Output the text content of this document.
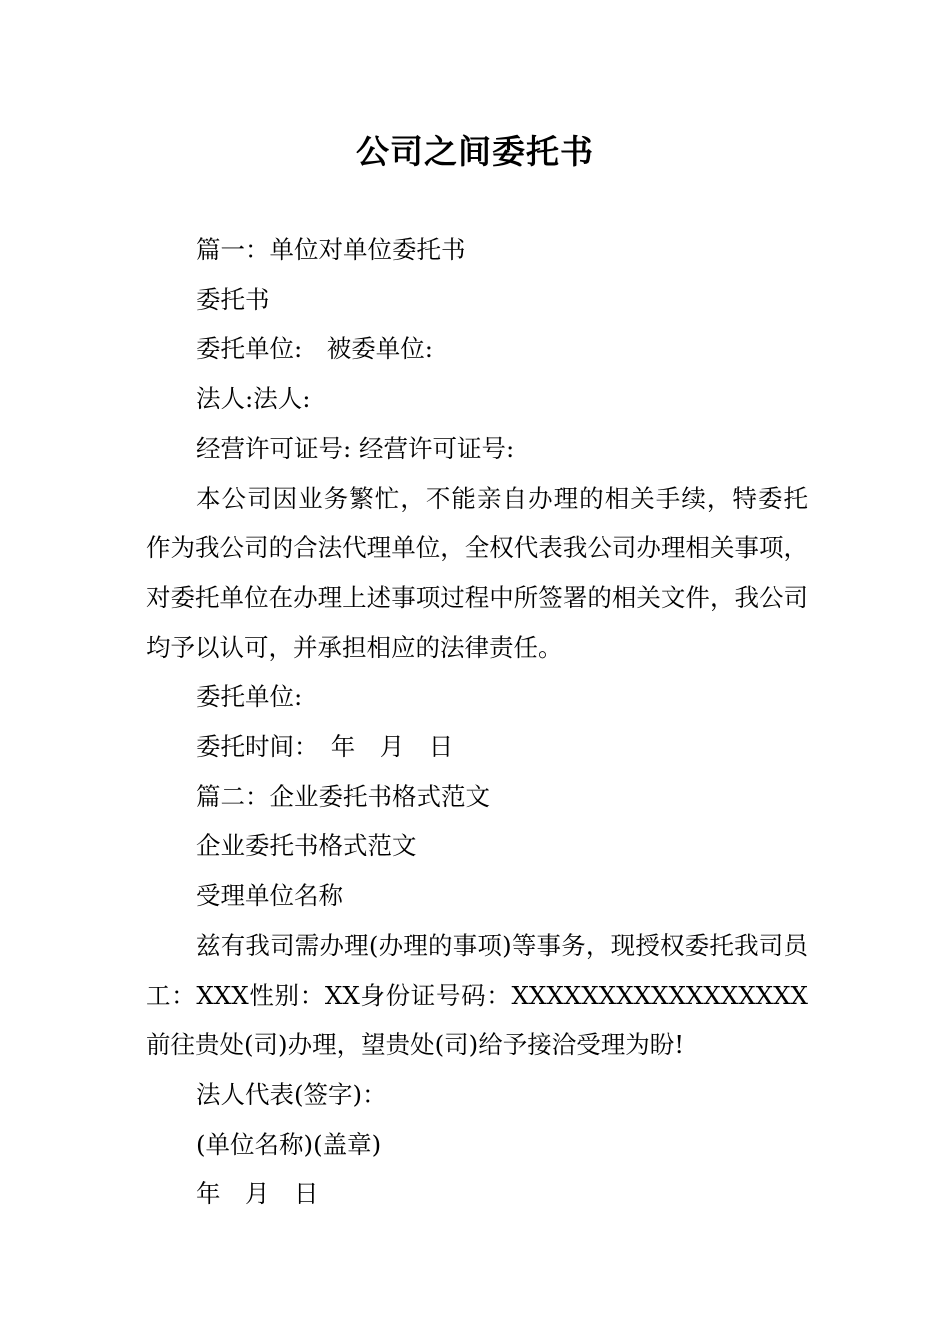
公司之间委托书

篇一：单位对单位委托书

委托书

委托单位:　被委单位:

法人:法人:

经营许可证号: 经营许可证号:

本公司因业务繁忙，不能亲自办理的相关手续，特委托作为我公司的合法代理单位，全权代表我公司办理相关事项，对委托单位在办理上述事项过程中所签署的相关文件，我公司均予以认可，并承担相应的法律责任。

委托单位:

委托时间：　年　月　日

篇二：企业委托书格式范文

企业委托书格式范文

受理单位名称

兹有我司需办理(办理的事项)等事务，现授权委托我司员工：XXX性别：XX身份证号码：XXXXXXXXXXXXXXXXX 前往贵处(司)办理，望贵处(司)给予接洽受理为盼!

法人代表(签字)：

(单位名称)(盖章)

年　月　日
